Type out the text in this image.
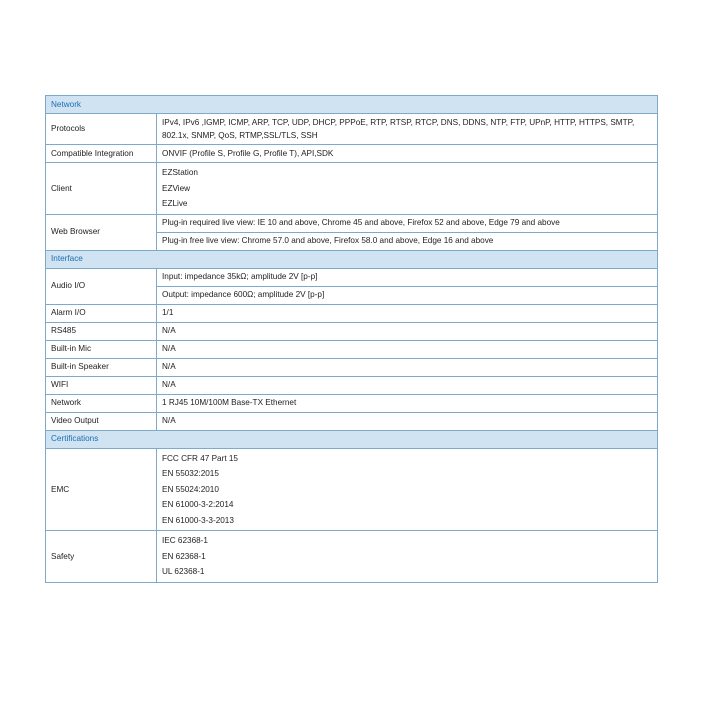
Network	
Protocols	IPv4, IPv6 ,IGMP, ICMP, ARP, TCP, UDP, DHCP, PPPoE, RTP, RTSP, RTCP, DNS, DDNS, NTP, FTP, UPnP, HTTP, HTTPS, SMTP, 802.1x, SNMP, QoS, RTMP,SSL/TLS, SSH
Compatible Integration	ONVIF (Profile S, Profile G, Profile T), API,SDK
Client	EZStation
EZView
EZLive

Web Browser	Plug-in required live view: IE 10 and above, Chrome 45 and above, Firefox 52 and above, Edge 79 and above
	Plug-in free live view: Chrome 57.0 and above, Firefox 58.0 and above, Edge 16 and above
Interface	
Audio I/O	Input: impedance 35kΩ; amplitude 2V [p-p]
	Output: impedance 600Ω; amplitude 2V [p-p]
Alarm I/O	1/1
RS485	N/A
Built-in Mic	N/A
Built-in Speaker	N/A
WIFI	N/A
Network	1 RJ45 10M/100M Base-TX Ethernet
Video Output	N/A
Certifications	
EMC	FCC CFR 47 Part 15
EN 55032:2015
EN 55024:2010
EN 61000-3-2:2014
EN 61000-3-3-2013

Safety	IEC 62368-1
EN 62368-1
UL 62368-1
